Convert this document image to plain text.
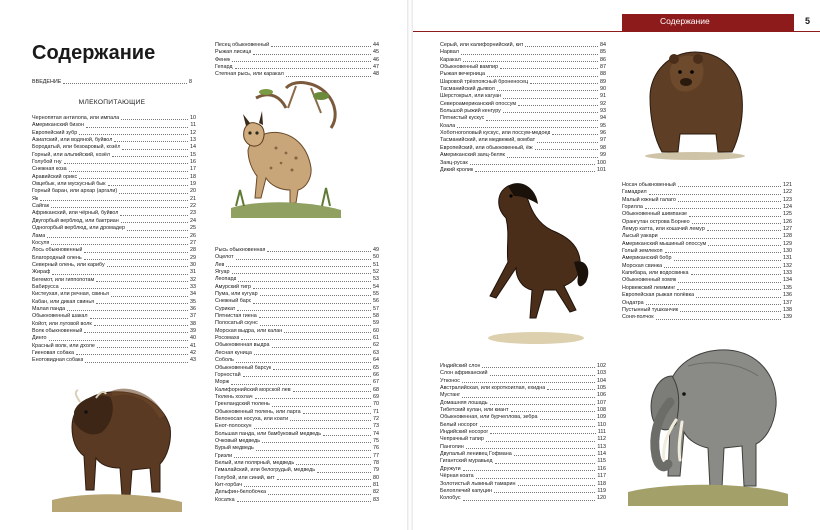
Содержание	5
Содержание
ВВЕДЕНИЕ	8
МЛЕКОПИТАЮЩИЕ
Чернопятая антилопа, или импала	10
Американский бизон	11
Европейский зубр	12
Азиатский, или водяной, буйвол	13
Бородатый, или безоаровый, козёл	14
Горный, или альпийский, козёл	15
Голубой гну	16
Снежная коза	17
Аравийский орикс	18
Овцебык, или мускусный бык	19
Горный баран, или архар (аргали)	20
Як	21
Сайгак	22
Африканский, или чёрный, буйвол	23
Двугорбый верблюд, или бактриан	24
Одногорбый верблюд, или дромадер	25
Лама	26
Косуля	27
Лось обыкновенный	28
Благородный олень	29
Северный олень, или карибу	30
Жираф	31
Бегемот, или гиппопотам	32
Бабирусса	33
Кистеухая, или речная, свинья	34
Кабан, или дикая свинья	35
Малая панда	36
Обыкновенный шакал	37
Койот, или луговой волк	38
Волк обыкновенный	39
Динго	40
Красный волк, или дхоле	41
Гиеновая собака	42
Енотовидная собака	43
Песец обыкновенный	44
Рыжая лисица	45
Фенек	46
Гепард	47
Степная рысь, или каракал	48
Рысь обыкновенная	49
Оцелот	50
Лев	51
Ягуар	52
Леопард	53
Амурский тигр	54
Пума, или кугуар	55
Снежный барс	56
Сурикат	57
Пятнистая гиена	58
Полосатый скунс	59
Морская выдра, или калан	60
Росомаха	61
Обыкновенная выдра	62
Лесная куница	63
Соболь	64
Обыкновенный барсук	65
Горностай	66
Морж	67
Калифорнийский морской лев	68
Тюлень хохлач	69
Гренландский тюлень	70
Обыкновенный тюлень, или ларга	71
Белоносая носуха, или коати	72
Енот-полоскун	73
Большая панда, или бамбуковый медведь	74
Очковый медведь	75
Бурый медведь	76
Гризли	77
Белый, или полярный, медведь	78
Гималайский, или белогрудый, медведь	79
Голубой, или синий, кит	80
Кит-горбач	81
Дельфин-белобочка	82
Косатка	83
Серый, или калифорнийский, кит	84
Нарвал	85
Каракал	86
Обыкновенный вампир	87
Рыжая вечерница	88
Шаровой трёхпоясный броненосец	89
Тасманийский дьявол	90
Шерстокрыл, или кагуан	91
Североамериканский опоссум	92
Большой рыжий кенгуру	93
Пятнистый кускус	94
Коала	95
Хоботноголовый кускус, или поссум-медоед	96
Тасманийский, или медвежий, вомбат	97
Европейский, или обыкновенный, ёж	98
Американский заяц-беляк	99
Заяц-русак	100
Дикий кролик	101
Индийский слон	102
Слон африканский	103
Утконос	104
Австралийская, или короткоиглая, ехидна	105
Мустанг	106
Домашняя лошадь	107
Тибетский кулан, или киант	108
Обыкновенная, или бурчеллова, зебра	109
Белый носорог	110
Индийский носорог	111
Чепрачный тапир	112
Панголин	113
Двупалый ленивец Гофмана	114
Гигантский муравьед	115
Дружуги	116
Чёрная коата	117
Золотистый львиный тамарин	118
Белоплечий капуцин	119
Колобус	120
Носач обыкновенный	121
Гамадрил	122
Малый южный галаго	123
Горилла	124
Обыкновенный шимпанзе	125
Орангутан острова Борнео	126
Лемур катта, или кошачий лемур	127
Лысый уакари	128
Американский мышиный опоссум	129
Голый землекоп	130
Американский бобр	131
Морская свинка	132
Капибара, или водосвинка	133
Обыкновенный хомяк	134
Норвежский лемминг	135
Европейская рыжая полёвка	136
Ондатра	137
Пустынный тушканчик	138
Соня-полчок	139
